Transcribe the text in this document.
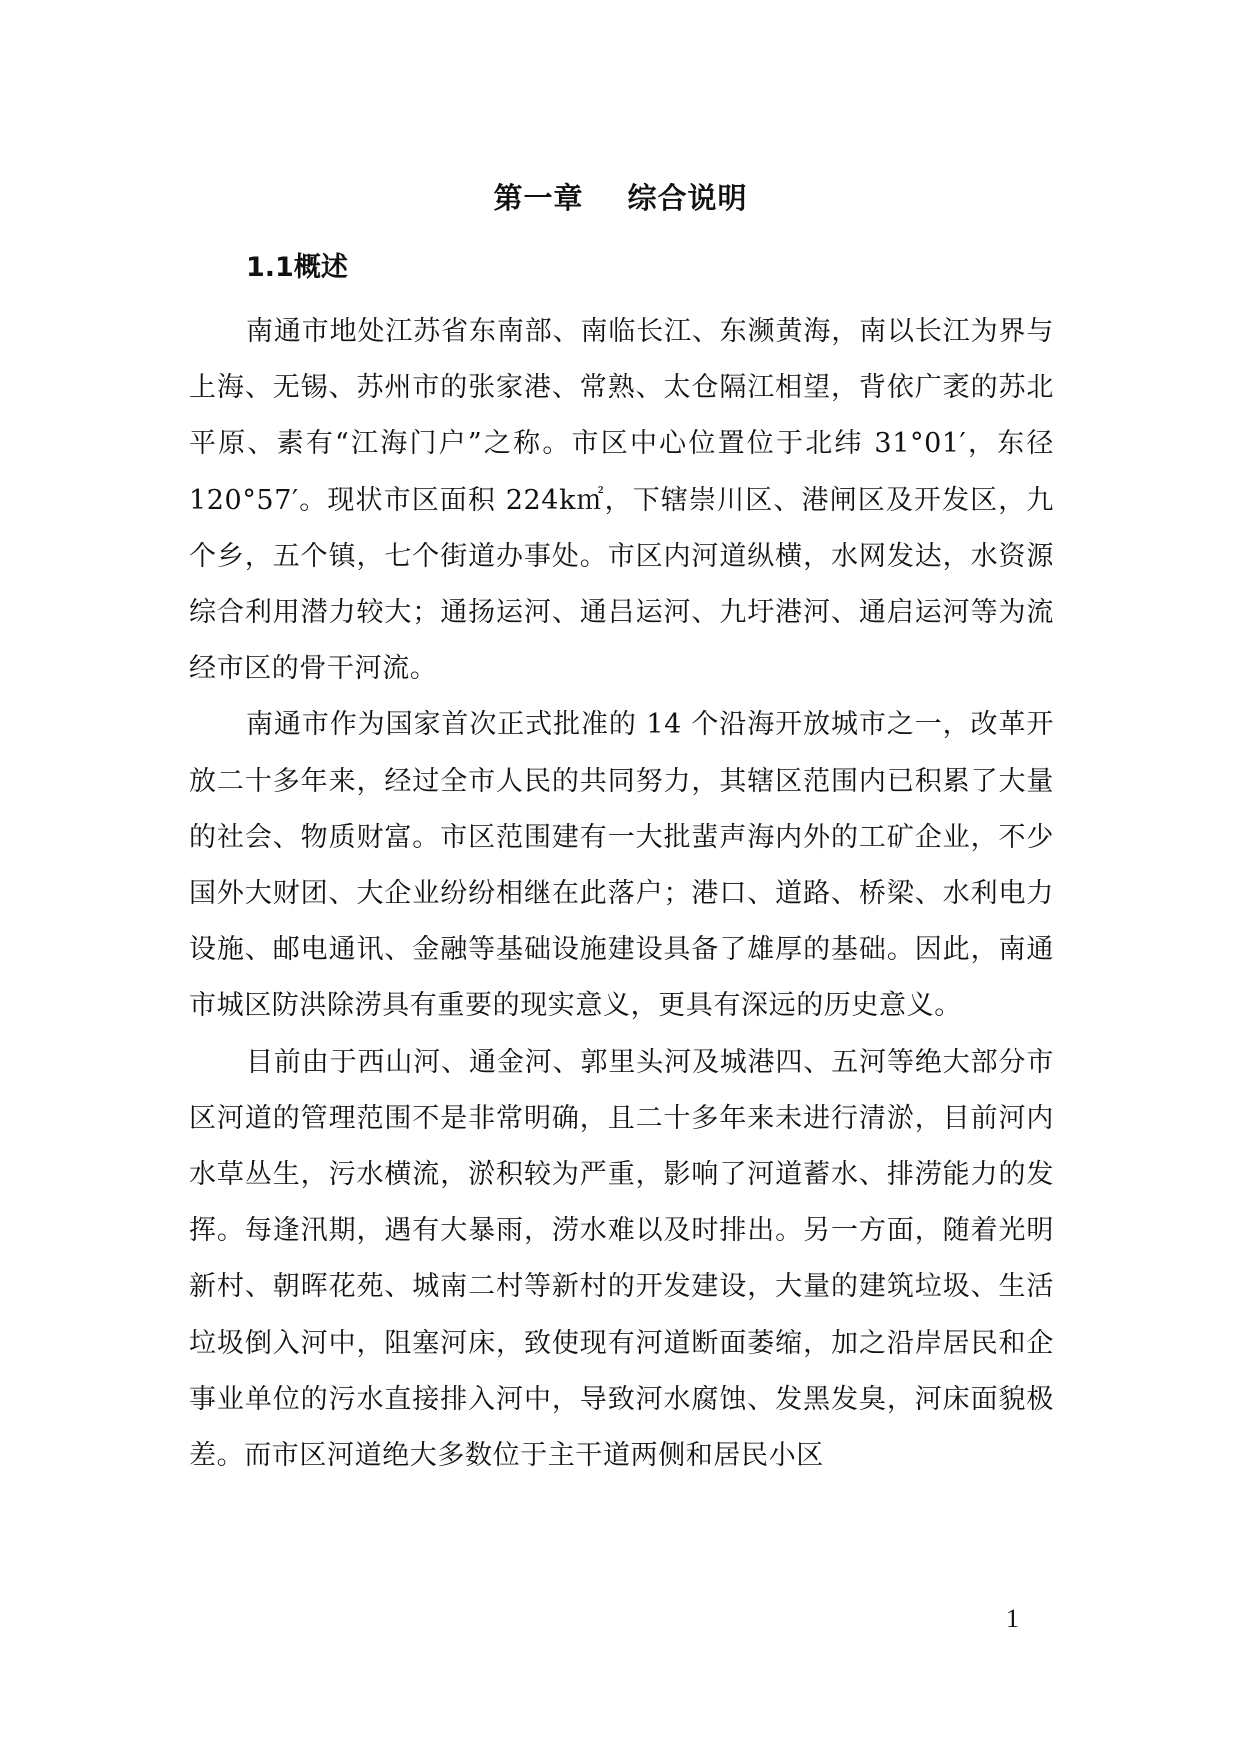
第一章 综合说明
1.1概述

南通市地处江苏省东南部、南临长江、东濒黄海，南以长江为界与上海、无锡、苏州市的张家港、常熟、太仓隔江相望，背依广袤的苏北平原、素有“江海门户”之称。市区中心位置位于北纬 31°01′，东径 120°57′。现状市区面积 224k㎡，下辖崇川区、港闸区及开发区，九个乡，五个镇，七个街道办事处。市区内河道纵横，水网发达，水资源综合利用潜力较大；通扬运河、通吕运河、九圩港河、通启运河等为流经市区的骨干河流。

南通市作为国家首次正式批准的 14 个沿海开放城市之一，改革开放二十多年来，经过全市人民的共同努力，其辖区范围内已积累了大量的社会、物质财富。市区范围建有一大批蜚声海内外的工矿企业，不少国外大财团、大企业纷纷相继在此落户；港口、道路、桥梁、水利电力设施、邮电通讯、金融等基础设施建设具备了雄厚的基础。因此，南通市城区防洪除涝具有重要的现实意义，更具有深远的历史意义。

目前由于西山河、通金河、郭里头河及城港四、五河等绝大部分市区河道的管理范围不是非常明确，且二十多年来未进行清淤，目前河内水草丛生，污水横流，淤积较为严重，影响了河道蓄水、排涝能力的发挥。每逢汛期，遇有大暴雨，涝水难以及时排出。另一方面，随着光明新村、朝晖花苑、城南二村等新村的开发建设，大量的建筑垃圾、生活垃圾倒入河中，阻塞河床，致使现有河道断面萎缩，加之沿岸居民和企事业单位的污水直接排入河中，导致河水腐蚀、发黑发臭，河床面貌极差。而市区河道绝大多数位于主干道两侧和居民小区

1
